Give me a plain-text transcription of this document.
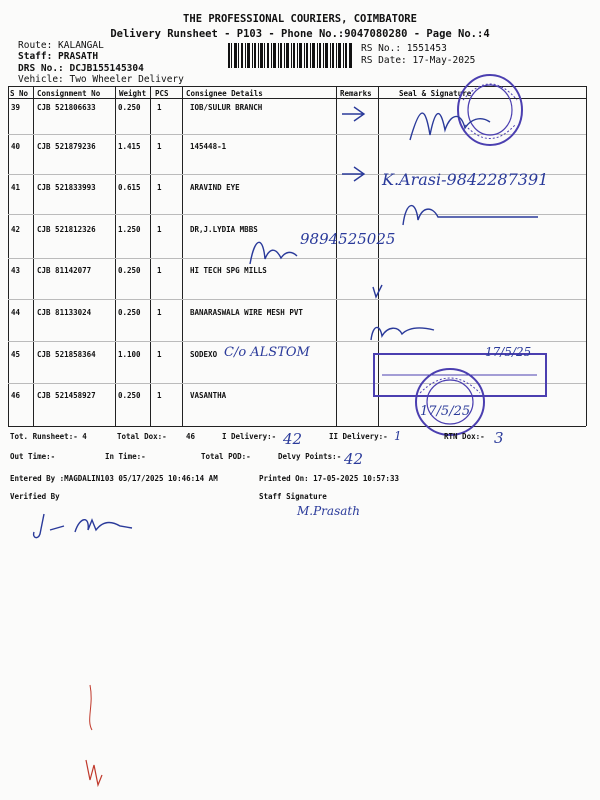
THE PROFESSIONAL COURIERS, COIMBATORE
Delivery Runsheet - P103 - Phone No.:9047080280 - Page No.:4
Route: KALANGAL
Staff: PRASATH
DRS No.: DCJB155145304
Vehicle: Two Wheeler Delivery
RS No.: 1551453
RS Date: 17-May-2025
S No Consignment No	Weight PCS Consignee Details	Remarks	Seal & Signature
39 CJB 521806633	0.250 1	IOB/SULUR BRANCH
40 CJB 521879236	1.415 1	145448-1
41 CJB 521833993	0.615 1	ARAVIND EYE
42 CJB 521812326	1.250 1	DR,J.LYDIA MBBS
43 CJB 81142077	0.250 1	HI TECH SPG MILLS
44 CJB 81133024	0.250 1	BANARASWALA WIRE MESH PVT
45 CJB 521858364	1.100 1	SODEXO
46 CJB 521458927	0.250 1	VASANTHA
K.Arasi-9842287391
9894525025
C/o ALSTOM	17/5/25
17/5/25
Tot. Runsheet:- 4	Total Dox:-	46	I Delivery:- 42	II Delivery:- 1	RTN Dox:- 3
Out Time:-	In Time:-	Total POD:-	Delvy Points:- 42
Entered By :MAGDALIN103 05/17/2025 10:46:14 AM	Printed On: 17-05-2025 10:57:33
Verified By	Staff Signature
M.Prasath
